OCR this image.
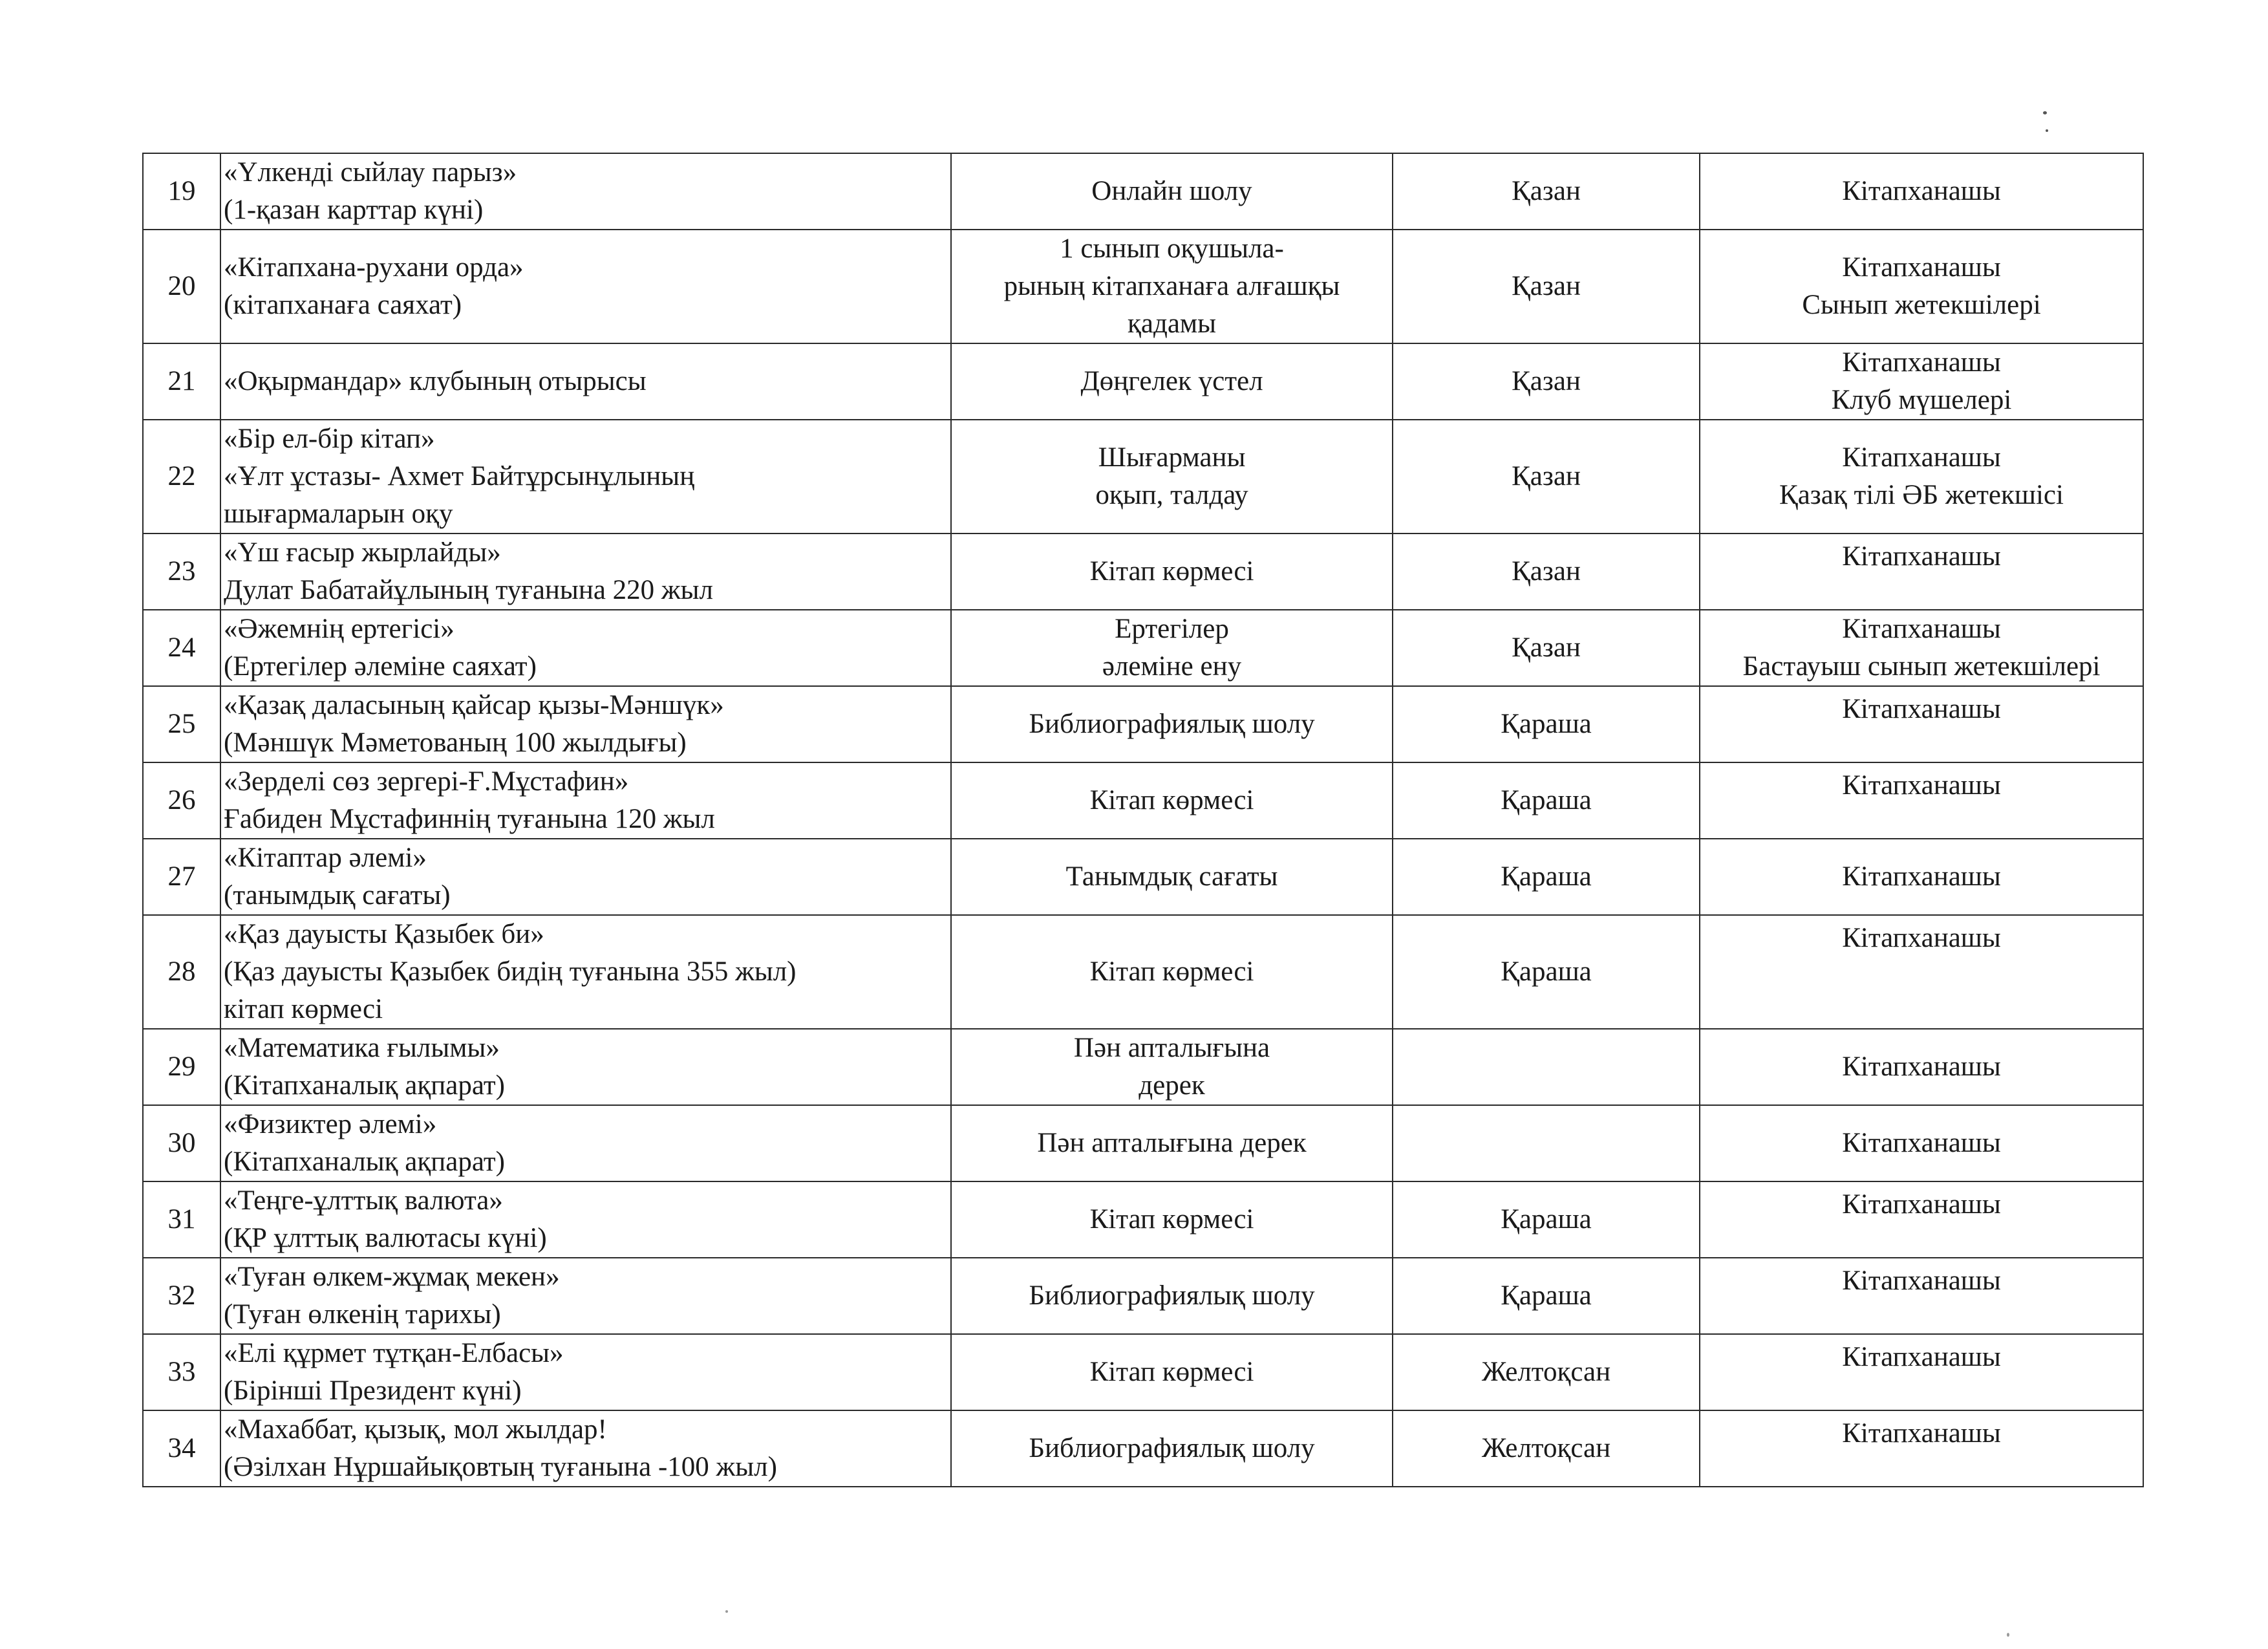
19	«Үлкенді сыйлау парыз»
(1-қазан карттар күні)	Онлайн шолу	Қазан	Кітапханашы

20	«Кітапхана-рухани орда»
(кітапханаға саяхат)	1 сынып оқушыла-
рының кітапханаға алғашқы
қадамы	Қазан	Кітапханашы
Сынып жетекшілері

21	«Оқырмандар» клубының отырысы	Дөңгелек үстел	Қазан	Кітапханашы
Клуб мүшелері

22	«Бір ел-бір кітап»
«Ұлт ұстазы- Ахмет Байтұрсынұлының
шығармаларын оқу	Шығарманы
оқып, талдау	Қазан	Кітапханашы
Қазақ тілі ӘБ жетекшісі

23	«Үш ғасыр жырлайды»
Дулат Бабатайұлының туғанына 220 жыл	Кітап көрмесі	Қазан	Кітапханашы

24	«Әжемнің ертегісі»
(Ертегілер әлеміне саяхат)	Ертегілер
әлеміне ену	Қазан	Кітапханашы
Бастауыш сынып жетекшілері

25	«Қазақ даласының қайсар қызы-Мәншүк»
(Мәншүк Мәметованың 100 жылдығы)	Библиографиялық шолу	Қараша	Кітапханашы

26	«Зерделі сөз зергері-Ғ.Мұстафин»
Ғабиден Мұстафиннің туғанына 120 жыл	Кітап көрмесі	Қараша	Кітапханашы

27	«Кітаптар әлемі»
(танымдық сағаты)	Танымдық сағаты	Қараша	Кітапханашы

28	«Қаз дауысты Қазыбек би»
(Қаз дауысты Қазыбек бидің туғанына 355 жыл)
кітап көрмесі	Кітап көрмесі	Қараша	Кітапханашы

29	«Математика ғылымы»
(Кітапханалық ақпарат)	Пән апталығына
дерек		Кітапханашы

30	«Физиктер әлемі»
(Кітапханалық ақпарат)	Пән апталығына дерек		Кітапханашы

31	«Теңге-ұлттық валюта»
(ҚР ұлттық валютасы күні)	Кітап көрмесі	Қараша	Кітапханашы

32	«Туған өлкем-жұмақ мекен»
(Туған өлкенің тарихы)	Библиографиялық шолу	Қараша	Кітапханашы

33	«Елі құрмет тұтқан-Елбасы»
(Бірінші Президент күні)	Кітап көрмесі	Желтоқсан	Кітапханашы

34	«Махаббат, қызық, мол жылдар!
(Әзілхан Нұршайықовтың туғанына -100 жыл)	Библиографиялық шолу	Желтоқсан	Кітапханашы
